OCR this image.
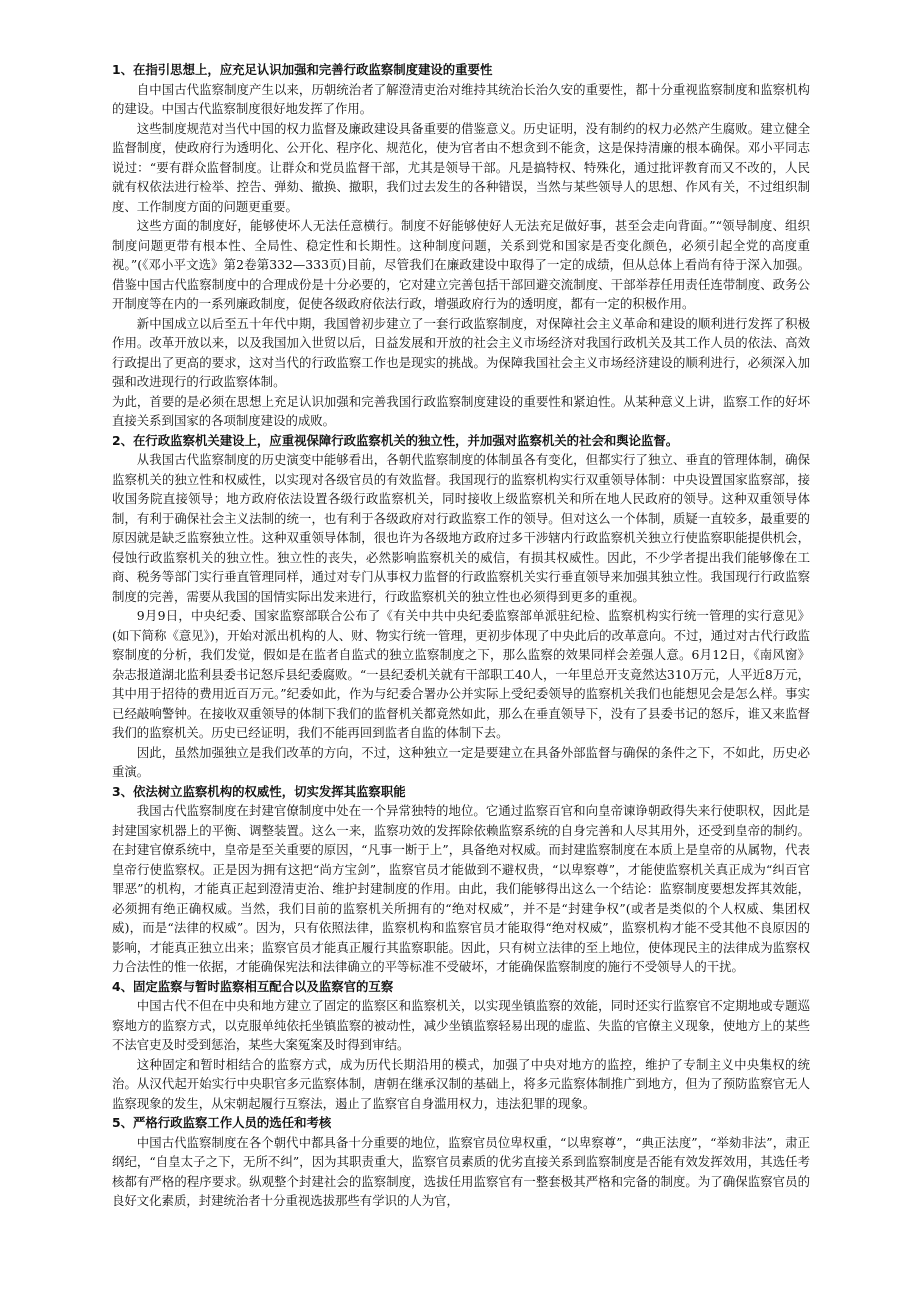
1、在指引思想上，应充足认识加强和完善行政监察制度建设的重要性

自中国古代监察制度产生以来，历朝统治者了解澄清吏治对维持其统治长治久安的重要性，都十分重视监察制度和监察机构的建设。中国古代监察制度很好地发挥了作用。

这些制度规范对当代中国的权力监督及廉政建设具备重要的借鉴意义。历史证明，没有制约的权力必然产生腐败。建立健全监督制度，使政府行为透明化、公开化、程序化、规范化，使为官者由不想贪到不能贪，这是保持清廉的根本确保。邓小平同志说过：“要有群众监督制度。让群众和党员监督干部，尤其是领导干部。凡是搞特权、特殊化，通过批评教育而又不改的，人民就有权依法进行检举、控告、弹劾、撤换、撤职，我们过去发生的各种错误，当然与某些领导人的思想、作风有关，不过组织制度、工作制度方面的问题更重要。

这些方面的制度好，能够使坏人无法任意横行。制度不好能够使好人无法充足做好事，甚至会走向背面。”“领导制度、组织制度问题更带有根本性、全局性、稳定性和长期性。这种制度问题，关系到党和国家是否变化颜色，必须引起全党的高度重视。”(《邓小平文选》第2卷第332—333页)目前，尽管我们在廉政建设中取得了一定的成绩，但从总体上看尚有待于深入加强。借鉴中国古代监察制度中的合理成份是十分必要的，它对建立完善包括干部回避交流制度、干部举荐任用责任连带制度、政务公开制度等在内的一系列廉政制度，促使各级政府依法行政，增强政府行为的透明度，都有一定的积极作用。

新中国成立以后至五十年代中期，我国曾初步建立了一套行政监察制度，对保障社会主义革命和建设的顺利进行发挥了积极作用。改革开放以来，以及我国加入世贸以后，日益发展和开放的社会主义市场经济对我国行政机关及其工作人员的依法、高效行政提出了更高的要求，这对当代的行政监察工作也是现实的挑战。为保障我国社会主义市场经济建设的顺利进行，必须深入加强和改进现行的行政监察体制。

为此，首要的是必须在思想上充足认识加强和完善我国行政监察制度建设的重要性和紧迫性。从某种意义上讲，监察工作的好坏直接关系到国家的各项制度建设的成败。

2、在行政监察机关建设上，应重视保障行政监察机关的独立性，并加强对监察机关的社会和舆论监督。

从我国古代监察制度的历史演变中能够看出，各朝代监察制度的体制虽各有变化，但都实行了独立、垂直的管理体制，确保监察机关的独立性和权威性，以实现对各级官员的有效监督。我国现行的监察机构实行双重领导体制：中央设置国家监察部，接收国务院直接领导；地方政府依法设置各级行政监察机关，同时接收上级监察机关和所在地人民政府的领导。这种双重领导体制，有利于确保社会主义法制的统一，也有利于各级政府对行政监察工作的领导。但对这么一个体制，质疑一直较多，最重要的原因就是缺乏监察独立性。这种双重领导体制，很也许为各级地方政府过多干涉辖内行政监察机关独立行使监察职能提供机会，侵蚀行政监察机关的独立性。独立性的丧失，必然影响监察机关的威信，有损其权威性。因此，不少学者提出我们能够像在工商、税务等部门实行垂直管理同样，通过对专门从事权力监督的行政监察机关实行垂直领导来加强其独立性。我国现行行政监察制度的完善，需要从我国的国情实际出发来进行，行政监察机关的独立性也必须得到更多的重视。

9月9日，中央纪委、国家监察部联合公布了《有关中共中央纪委监察部单派驻纪检、监察机构实行统一管理的实行意见》(如下简称《意见》)，开始对派出机构的人、财、物实行统一管理，更初步体现了中央此后的改革意向。不过，通过对古代行政监察制度的分析，我们发觉，假如是在监者自监式的独立监察制度之下，那么监察的效果同样会差强人意。6月12日，《南风窗》杂志报道湖北监利县委书记怒斥县纪委腐败。“一县纪委机关就有干部职工40人，一年里总开支竟然达310万元，人平近8万元，其中用于招待的费用近百万元。”纪委如此，作为与纪委合署办公并实际上受纪委领导的监察机关我们也能想见会是怎么样。事实已经敲响警钟。在接收双重领导的体制下我们的监督机关都竟然如此，那么在垂直领导下，没有了县委书记的怒斥，谁又来监督我们的监察机关。历史已经证明，我们不能再回到监者自监的体制下去。

因此，虽然加强独立是我们改革的方向，不过，这种独立一定是要建立在具备外部监督与确保的条件之下，不如此，历史必重演。

3、依法树立监察机构的权威性，切实发挥其监察职能

我国古代监察制度在封建官僚制度中处在一个异常独特的地位。它通过监察百官和向皇帝谏诤朝政得失来行使职权，因此是封建国家机器上的平衡、调整装置。这么一来，监察功效的发挥除依赖监察系统的自身完善和人尽其用外，还受到皇帝的制约。在封建官僚系统中，皇帝是至关重要的原因，“凡事一断于上”，具备绝对权威。而封建监察制度在本质上是皇帝的从属物，代表皇帝行使监察权。正是因为拥有这把“尚方宝剑”，监察官员才能做到不避权贵，“以卑察尊”，才能使监察机关真正成为“纠百官罪恶”的机构，才能真正起到澄清吏治、维护封建制度的作用。由此，我们能够得出这么一个结论：监察制度要想发挥其效能，必须拥有绝正确权威。当然，我们目前的监察机关所拥有的“绝对权威”，并不是“封建争权”(或者是类似的个人权威、集团权威)，而是“法律的权威”。因为，只有依照法律，监察机构和监察官员才能取得“绝对权威”，监察机构才能不受其他不良原因的影响，才能真正独立出来；监察官员才能真正履行其监察职能。因此，只有树立法律的至上地位，使体现民主的法律成为监察权力合法性的惟一依据，才能确保宪法和法律确立的平等标准不受破坏，才能确保监察制度的施行不受领导人的干扰。

4、固定监察与暂时监察相互配合以及监察官的互察

中国古代不但在中央和地方建立了固定的监察区和监察机关，以实现坐镇监察的效能，同时还实行监察官不定期地或专题巡察地方的监察方式，以克服单纯依托坐镇监察的被动性，减少坐镇监察轻易出现的虚监、失监的官僚主义现象，使地方上的某些不法官吏及时受到惩治，某些大案冤案及时得到审结。

这种固定和暂时相结合的监察方式，成为历代长期沿用的模式，加强了中央对地方的监控，维护了专制主义中央集权的统治。从汉代起开始实行中央职官多元监察体制，唐朝在继承汉制的基础上，将多元监察体制推广到地方，但为了预防监察官无人监察现象的发生，从宋朝起履行互察法，遏止了监察官自身滥用权力，违法犯罪的现象。

5、严格行政监察工作人员的选任和考核

中国古代监察制度在各个朝代中都具备十分重要的地位，监察官员位卑权重，“以卑察尊”，“典正法度”，“举劾非法”，肃正纲纪，“自皇太子之下，无所不纠”，因为其职责重大，监察官员素质的优劣直接关系到监察制度是否能有效发挥效用，其选任考核都有严格的程序要求。纵观整个封建社会的监察制度，选拔任用监察官有一整套极其严格和完备的制度。为了确保监察官员的良好文化素质，封建统治者十分重视选拔那些有学识的人为官，
